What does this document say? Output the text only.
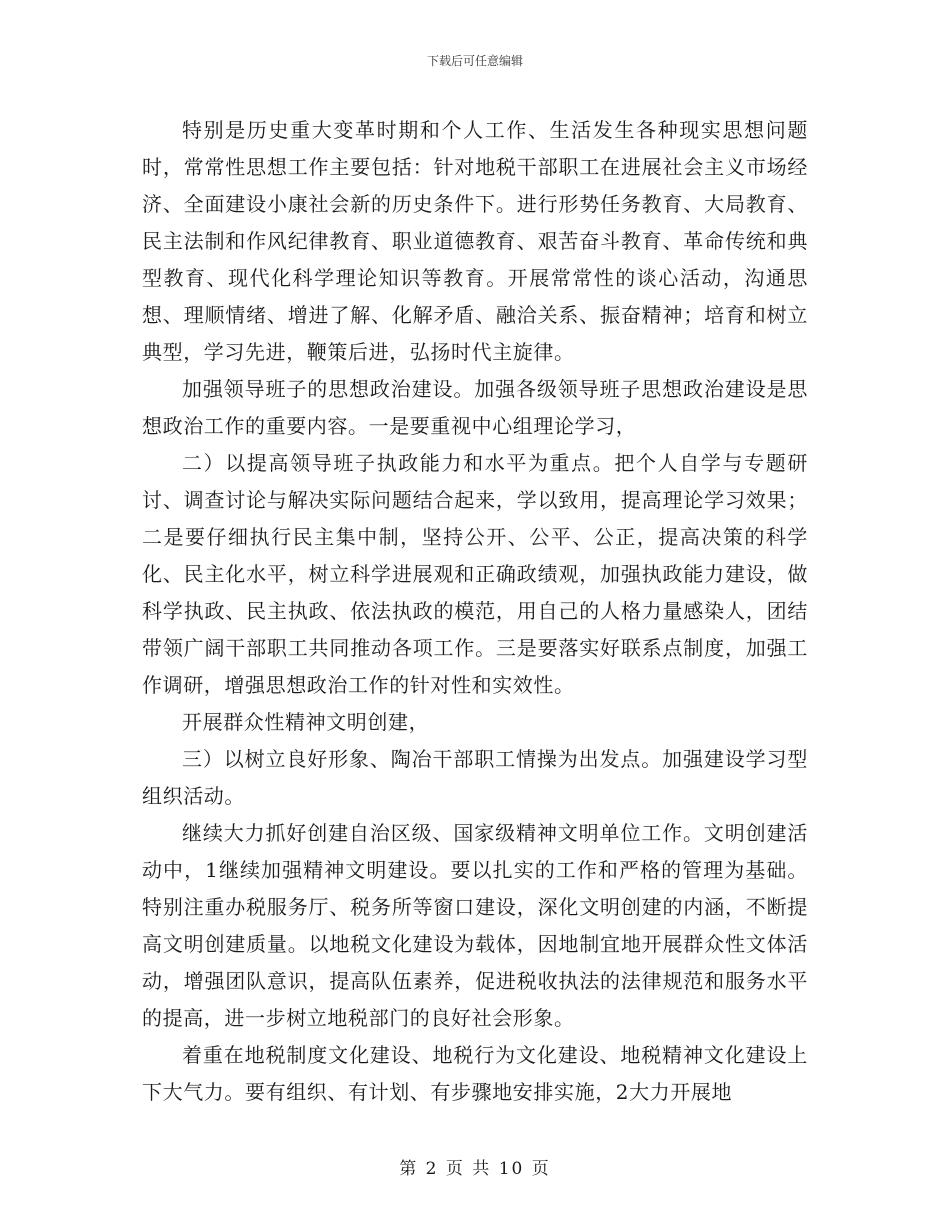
下载后可任意编辑

特别是历史重大变革时期和个人工作、生活发生各种现实思想问题时，常常性思想工作主要包括：针对地税干部职工在进展社会主义市场经济、全面建设小康社会新的历史条件下。进行形势任务教育、大局教育、民主法制和作风纪律教育、职业道德教育、艰苦奋斗教育、革命传统和典型教育、现代化科学理论知识等教育。开展常常性的谈心活动，沟通思想、理顺情绪、增进了解、化解矛盾、融洽关系、振奋精神；培育和树立典型，学习先进，鞭策后进，弘扬时代主旋律。

加强领导班子的思想政治建设。加强各级领导班子思想政治建设是思想政治工作的重要内容。一是要重视中心组理论学习，

二）以提高领导班子执政能力和水平为重点。把个人自学与专题研讨、调查讨论与解决实际问题结合起来，学以致用，提高理论学习效果；二是要仔细执行民主集中制，坚持公开、公平、公正，提高决策的科学化、民主化水平，树立科学进展观和正确政绩观，加强执政能力建设，做科学执政、民主执政、依法执政的模范，用自己的人格力量感染人，团结带领广阔干部职工共同推动各项工作。三是要落实好联系点制度，加强工作调研，增强思想政治工作的针对性和实效性。

开展群众性精神文明创建，

三）以树立良好形象、陶冶干部职工情操为出发点。加强建设学习型组织活动。

继续大力抓好创建自治区级、国家级精神文明单位工作。文明创建活动中，1继续加强精神文明建设。要以扎实的工作和严格的管理为基础。特别注重办税服务厅、税务所等窗口建设，深化文明创建的内涵，不断提高文明创建质量。以地税文化建设为载体，因地制宜地开展群众性文体活动，增强团队意识，提高队伍素养，促进税收执法的法律规范和服务水平的提高，进一步树立地税部门的良好社会形象。

着重在地税制度文化建设、地税行为文化建设、地税精神文化建设上下大气力。要有组织、有计划、有步骤地安排实施，2大力开展地

第 2 页 共 10 页
